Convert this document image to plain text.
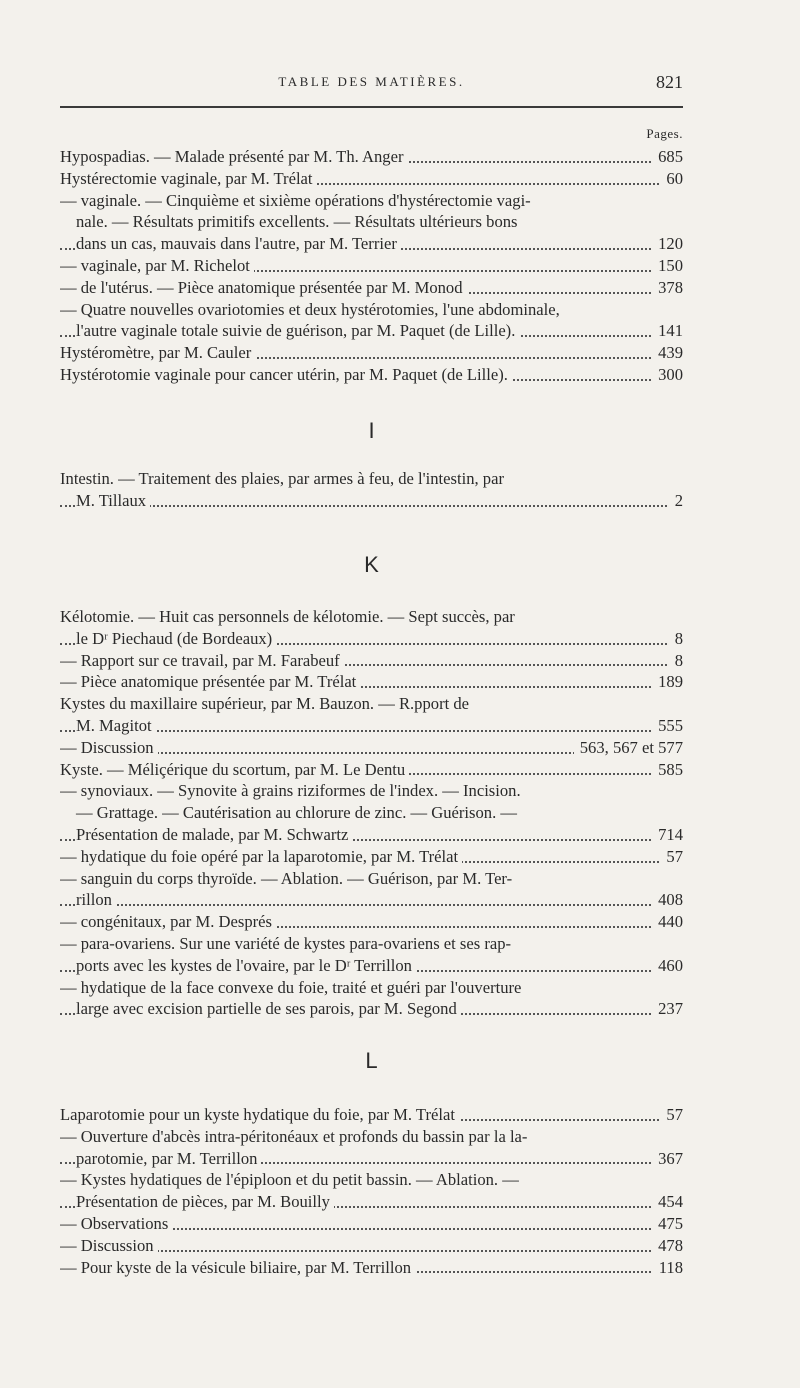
TABLE DES MATIÈRES.	821
Pages.
Hypospadias. — Malade présenté par M. Th. Anger	685
Hystérectomie vaginale, par M. Trélat	60
— vaginale. — Cinquième et sixième opérations d'hystérectomie vagi-
nale. — Résultats primitifs excellents. — Résultats ultérieurs bons
dans un cas, mauvais dans l'autre, par M. Terrier	120
— vaginale, par M. Richelot	150
— de l'utérus. — Pièce anatomique présentée par M. Monod	378
— Quatre nouvelles ovariotomies et deux hystérotomies, l'une abdominale,
l'autre vaginale totale suivie de guérison, par M. Paquet (de Lille).	141
Hystéromètre, par M. Cauler	439
Hystérotomie vaginale pour cancer utérin, par M. Paquet (de Lille).	300
I
Intestin. — Traitement des plaies, par armes à feu, de l'intestin, par
M. Tillaux	2
K
Kélotomie. — Huit cas personnels de kélotomie. — Sept succès, par
le Dʳ Piechaud (de Bordeaux)	8
— Rapport sur ce travail, par M. Farabeuf	8
— Pièce anatomique présentée par M. Trélat	189
Kystes du maxillaire supérieur, par M. Bauzon. — R.pport de
M. Magitot	555
— Discussion	563, 567 et 577
Kyste. — Méliçérique du scortum, par M. Le Dentu	585
— synoviaux. — Synovite à grains riziformes de l'index. — Incision.
— Grattage. — Cautérisation au chlorure de zinc. — Guérison. —
Présentation de malade, par M. Schwartz	714
— hydatique du foie opéré par la laparotomie, par M. Trélat	57
— sanguin du corps thyroïde. — Ablation. — Guérison, par M. Ter-
rillon	408
— congénitaux, par M. Després	440
— para-ovariens. Sur une variété de kystes para-ovariens et ses rap-
ports avec les kystes de l'ovaire, par le Dʳ Terrillon	460
— hydatique de la face convexe du foie, traité et guéri par l'ouverture
large avec excision partielle de ses parois, par M. Segond	237
L
Laparotomie pour un kyste hydatique du foie, par M. Trélat	57
— Ouverture d'abcès intra-péritonéaux et profonds du bassin par la la-
parotomie, par M. Terrillon	367
— Kystes hydatiques de l'épiploon et du petit bassin. — Ablation. —
Présentation de pièces, par M. Bouilly	454
— Observations	475
— Discussion	478
— Pour kyste de la vésicule biliaire, par M. Terrillon	118
